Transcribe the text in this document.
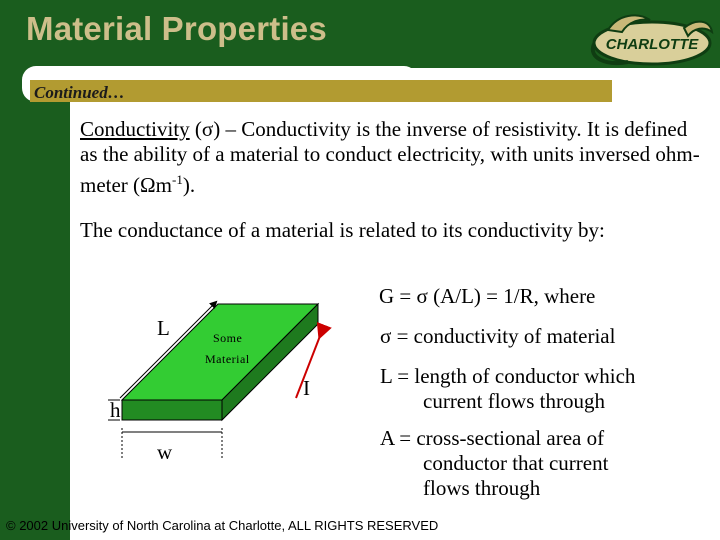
Material Properties	CHARLOTTE
Continued…

Conductivity (σ) – Conductivity is the inverse of resistivity. It is defined as the ability of a material to conduct electricity, with units inversed ohm-meter $(\Omega m^{-1})$.

The conductance of a material is related to its conductivity by:

L
h
w
I
Some
Material
G = σ (A/L) = 1/R, where
σ = conductivity of material
L = length of conductor which
current flows through
A = cross-sectional area of
conductor that current
flows through
© 2002 University of North Carolina at Charlotte, ALL RIGHTS RESERVED
